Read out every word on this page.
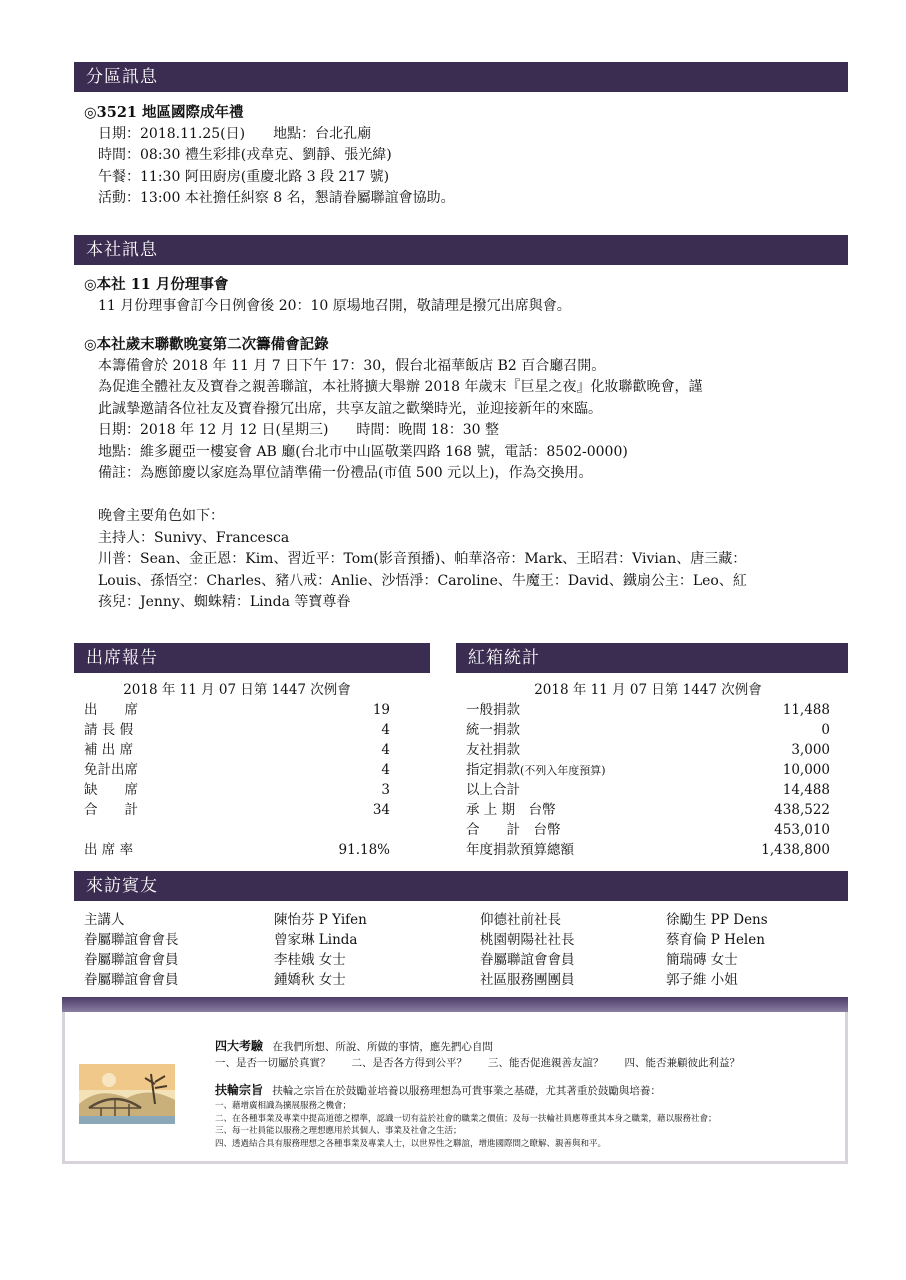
分區訊息
◎3521 地區國際成年禮
日期：2018.11.25(日)　　地點：台北孔廟
時間：08:30 禮生彩排(戎韋克、劉靜、張光緯)
午餐：11:30 阿田廚房(重慶北路 3 段 217 號)
活動：13:00 本社擔任糾察 8 名，懇請眷屬聯誼會協助。
本社訊息
◎本社 11 月份理事會
11 月份理事會訂今日例會後 20：10 原場地召開，敬請理是撥冗出席與會。
◎本社歲末聯歡晚宴第二次籌備會記錄
本籌備會於 2018 年 11 月 7 日下午 17：30，假台北福華飯店 B2 百合廳召開。
為促進全體社友及寶眷之親善聯誼，本社將擴大舉辦 2018 年歲末『巨星之夜』化妝聯歡晚會，謹
此誠摯邀請各位社友及寶眷撥冗出席，共享友誼之歡樂時光，並迎接新年的來臨。
日期：2018 年 12 月 12 日(星期三)　　時間：晚間 18：30 整
地點：維多麗亞一樓宴會 AB 廳(台北市中山區敬業四路 168 號，電話：8502-0000)
備註：為應節慶以家庭為單位請準備一份禮品(市值 500 元以上)，作為交換用。
晚會主要角色如下：
主持人：Sunivy、Francesca
川普：Sean、金正恩：Kim、習近平：Tom(影音預播)、帕華洛帝：Mark、王昭君：Vivian、唐三藏：
Louis、孫悟空：Charles、豬八戒：Anlie、沙悟淨：Caroline、牛魔王：David、鐵扇公主：Leo、紅
孩兒：Jenny、蜘蛛精：Linda 等寶尊眷
出席報告
2018 年 11 月 07 日第 1447 次例會
出　　席	19
請 長 假	4
補 出 席	4
免計出席	4
缺　　席	3
合　　計	34
出 席 率	91.18%
紅箱統計
2018 年 11 月 07 日第 1447 次例會
一般捐款	11,488
統一捐款	0
友社捐款	3,000
指定捐款(不列入年度預算)	10,000
以上合計	14,488
承 上 期　台幣	438,522
合　　計　台幣	453,010
年度捐款預算總額	1,438,800
來訪賓友
主講人	陳怡芬 P Yifen	仰德社前社長	徐勵生 PP Dens
眷屬聯誼會會長	曾家琳 Linda	桃園朝陽社社長	蔡育倫 P Helen
眷屬聯誼會會員	李桂娥 女士	眷屬聯誼會會員	簡瑞磚 女士
眷屬聯誼會會員	鍾嬌秋 女士	社區服務團團員	郭子維 小姐
四大考驗 在我們所想、所說、所做的事情，應先捫心自問
一、是否一切屬於真實？　　二、是否各方得到公平？　　三、能否促進親善友誼？　　四、能否兼顧彼此利益？
扶輪宗旨 扶輪之宗旨在於鼓勵並培養以服務理想為可貴事業之基礎，尤其著重於鼓勵與培養：
一、藉增廣相識為擴展服務之機會；
二、在各種事業及專業中提高道德之標準，認識一切有益於社會的職業之價值；及每一扶輪社員應尊重其本身之職業，藉以服務社會；
三、每一社員能以服務之理想應用於其個人、事業及社會之生活；
四、透過結合具有服務理想之各種事業及專業人士，以世界性之聯誼，增進國際間之瞭解、親善與和平。
